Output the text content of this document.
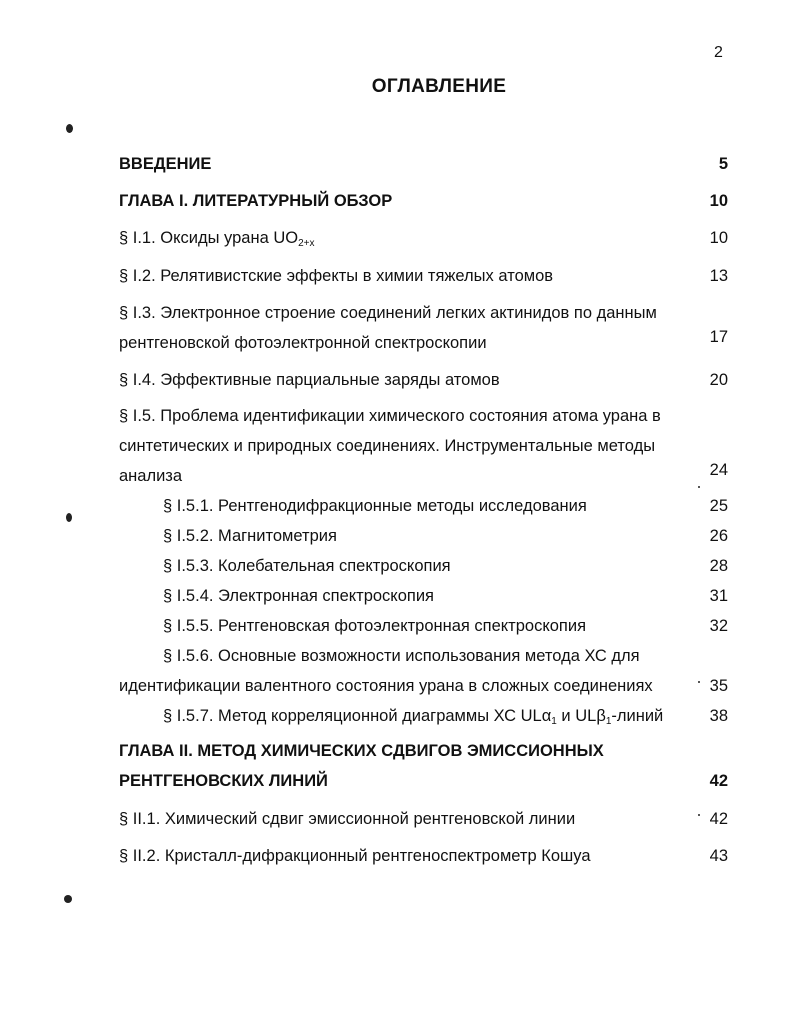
2
ОГЛАВЛЕНИЕ
ВВЕДЕНИЕ	5
ГЛАВА I. ЛИТЕРАТУРНЫЙ ОБЗОР	10
§ I.1. Оксиды урана $UO_{2+x}$	10
§ I.2. Релятивистские эффекты в химии тяжелых атомов	13
§ I.3. Электронное строение соединений легких актинидов по данным
рентгеновской фотоэлектронной спектроскопии	17
§ I.4. Эффективные парциальные заряды атомов	20
§ I.5. Проблема идентификации химического состояния атома урана в
синтетических и природных соединениях. Инструментальные методы
анализа	24
§ I.5.1. Рентгенодифракционные методы исследования	25
§ I.5.2. Магнитометрия	26
§ I.5.3. Колебательная спектроскопия	28
§ I.5.4. Электронная спектроскопия	31
§ I.5.5. Рентгеновская фотоэлектронная спектроскопия	32
§ I.5.6. Основные возможности использования метода ХС для
идентификации валентного состояния урана в сложных соединениях	35
§ I.5.7. Метод корреляционной диаграммы ХС ULα$_1$ и ULβ$_1$-линий	38
ГЛАВА II. МЕТОД ХИМИЧЕСКИХ СДВИГОВ ЭМИССИОННЫХ
РЕНТГЕНОВСКИХ ЛИНИЙ	42
§ II.1. Химический сдвиг эмиссионной рентгеновской линии	42
§ II.2. Кристалл-дифракционный рентгеноспектрометр Кошуа	43
